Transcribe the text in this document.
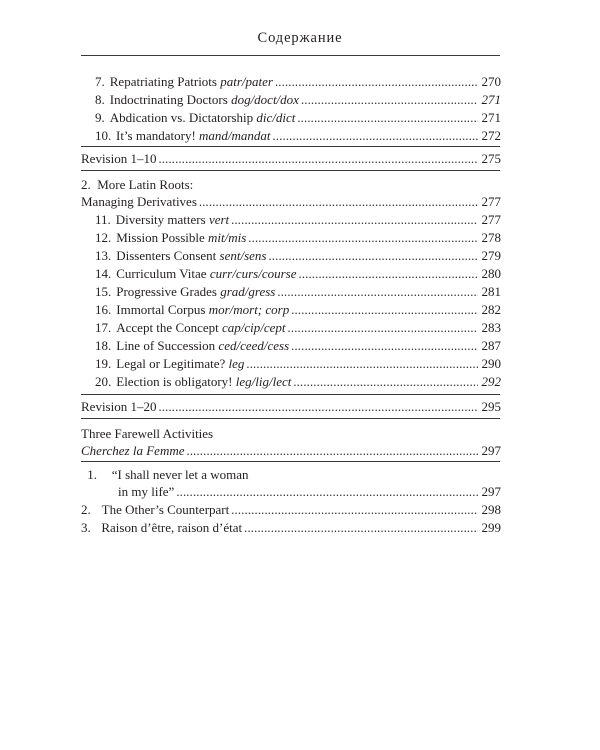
Содержание
7. Repatriating Patriots patr/pater .....	270
8. Indoctrinating Doctors dog/doct/dox .....	271
9. Abdication vs. Dictatorship dic/dict .....	271
10. It’s mandatory! mand/mandat .....	272
Revision 1–10 .....	275
2. More Latin Roots:
Managing Derivatives .....	277
11. Diversity matters vert .....	277
12. Mission Possible mit/mis .....	278
13. Dissenters Consent sent/sens .....	279
14. Curriculum Vitae curr/curs/course .....	280
15. Progressive Grades grad/gress .....	281
16. Immortal Corpus mor/mort; corp .....	282
17. Accept the Concept cap/cip/cept .....	283
18. Line of Succession ced/ceed/cess .....	287
19. Legal or Legitimate? leg .....	290
20. Election is obligatory! leg/lig/lect .....	292
Revision 1–20 .....	295
Three Farewell Activities
Cherchez la Femme .....	297
1. “I shall never let a woman
in my life” .....	297
2. The Other’s Counterpart .....	298
3. Raison d’être, raison d’état .....	299
